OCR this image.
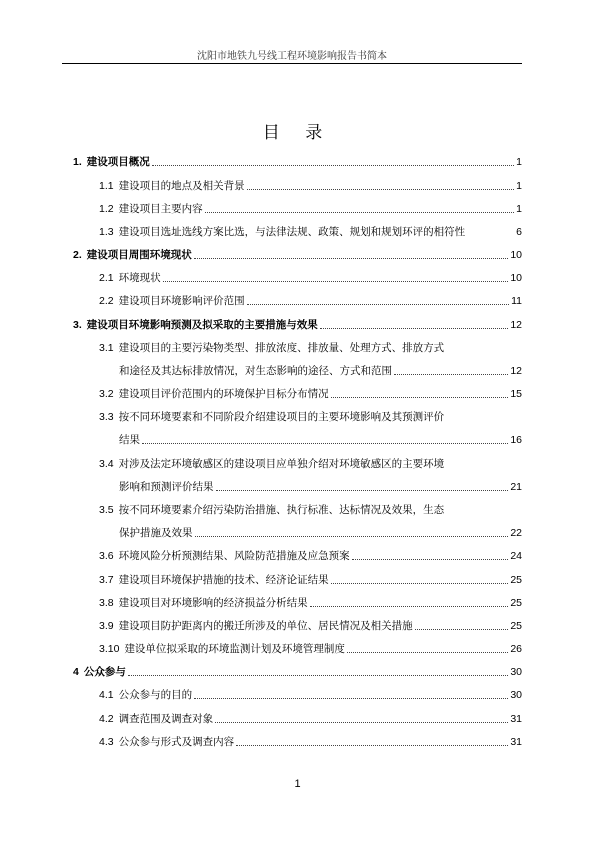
沈阳市地铁九号线工程环境影响报告书简本
目 录
1. 建设项目概况	1
1.1 建设项目的地点及相关背景	1
1.2 建设项目主要内容	1
1.3 建设项目选址选线方案比选，与法律法规、政策、规划和规划环评的相符性	6
2. 建设项目周围环境现状	10
2.1 环境现状	10
2.2 建设项目环境影响评价范围	11
3. 建设项目环境影响预测及拟采取的主要措施与效果	12
3.1 建设项目的主要污染物类型、排放浓度、排放量、处理方式、排放方式
和途径及其达标排放情况，对生态影响的途径、方式和范围	12
3.2 建设项目评价范围内的环境保护目标分布情况	15
3.3 按不同环境要素和不同阶段介绍建设项目的主要环境影响及其预测评价
结果	16
3.4 对涉及法定环境敏感区的建设项目应单独介绍对环境敏感区的主要环境
影响和预测评价结果	21
3.5 按不同环境要素介绍污染防治措施、执行标准、达标情况及效果，生态
保护措施及效果	22
3.6 环境风险分析预测结果、风险防范措施及应急预案	24
3.7 建设项目环境保护措施的技术、经济论证结果	25
3.8 建设项目对环境影响的经济损益分析结果	25
3.9 建设项目防护距离内的搬迁所涉及的单位、居民情况及相关措施	25
3.10 建设单位拟采取的环境监测计划及环境管理制度	26
4 公众参与	30
4.1 公众参与的目的	30
4.2 调查范围及调查对象	31
4.3 公众参与形式及调查内容	31
1
